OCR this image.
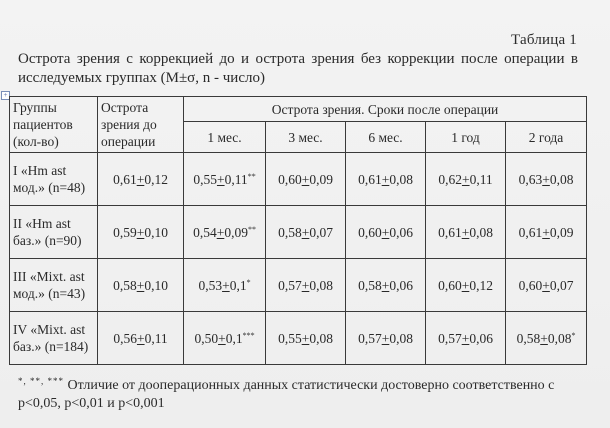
Таблица 1
Острота зрения с коррекцией до и острота зрения без коррекции после операции в исследуемых группах (M±σ, n - число)
+
Группы пациентов (кол-во)	Острота зрения до операции	Острота зрения. Сроки после операции				
		1 мес.	3 мес.	6 мес.	1 год	2 года
I «Hm ast мод.» (n=48)	0,61+0,12	0,55+0,11**	0,60+0,09	0,61+0,08	0,62+0,11	0,63+0,08
II «Hm ast баз.» (n=90)	0,59+0,10	0,54+0,09**	0,58+0,07	0,60+0,06	0,61+0,08	0,61+0,09
III «Mixt. ast мод.» (n=43)	0,58+0,10	0,53+0,1*	0,57+0,08	0,58+0,06	0,60+0,12	0,60+0,07
IV «Mixt. ast баз.» (n=184)	0,56+0,11	0,50+0,1***	0,55+0,08	0,57+0,08	0,57+0,06	0,58+0,08*
*, **, *** Отличие от дооперационных данных статистически достоверно соответственно с p<0,05, p<0,01 и p<0,001
